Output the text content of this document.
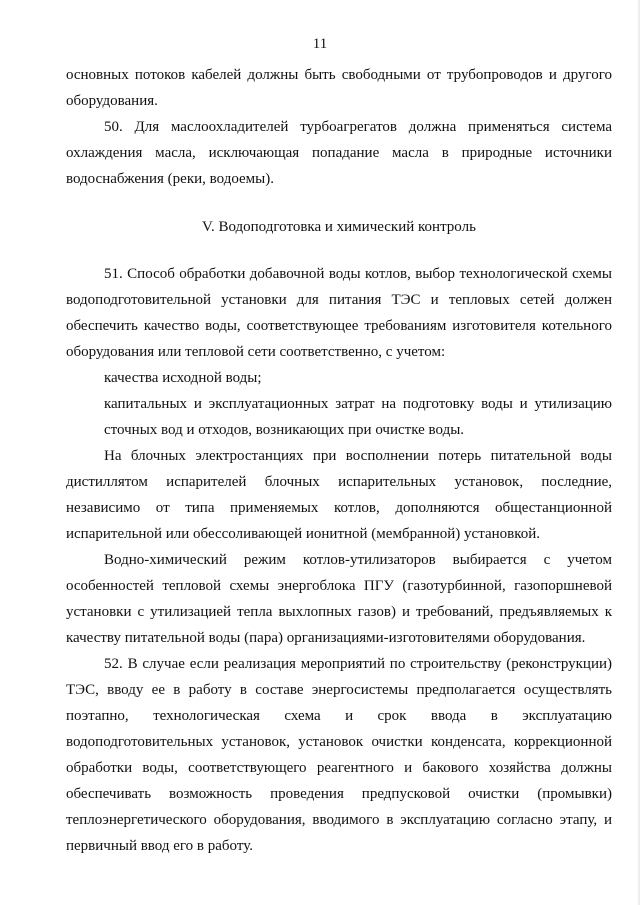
11

основных потоков кабелей должны быть свободными от трубопроводов и другого оборудования.

50. Для маслоохладителей турбоагрегатов должна применяться система охлаждения масла, исключающая попадание масла в природные источники водоснабжения (реки, водоемы).

V. Водоподготовка и химический контроль

51. Способ обработки добавочной воды котлов, выбор технологической схемы водоподготовительной установки для питания ТЭС и тепловых сетей должен обеспечить качество воды, соответствующее требованиям изготовителя котельного оборудования или тепловой сети соответственно, с учетом:

качества исходной воды;

капитальных и эксплуатационных затрат на подготовку воды и утилизацию сточных вод и отходов, возникающих при очистке воды.

На блочных электростанциях при восполнении потерь питательной воды дистиллятом испарителей блочных испарительных установок, последние, независимо от типа применяемых котлов, дополняются общестанционной испарительной или обессоливающей ионитной (мембранной) установкой.

Водно-химический режим котлов-утилизаторов выбирается с учетом особенностей тепловой схемы энергоблока ПГУ (газотурбинной, газопоршневой установки с утилизацией тепла выхлопных газов) и требований, предъявляемых к качеству питательной воды (пара) организациями-изготовителями оборудования.

52. В случае если реализация мероприятий по строительству (реконструкции) ТЭС, вводу ее в работу в составе энергосистемы предполагается осуществлять поэтапно, технологическая схема и срок ввода в эксплуатацию водоподготовительных установок, установок очистки конденсата, коррекционной обработки воды, соответствующего реагентного и бакового хозяйства должны обеспечивать возможность проведения предпусковой очистки (промывки) теплоэнергетического оборудования, вводимого в эксплуатацию согласно этапу, и первичный ввод его в работу.
